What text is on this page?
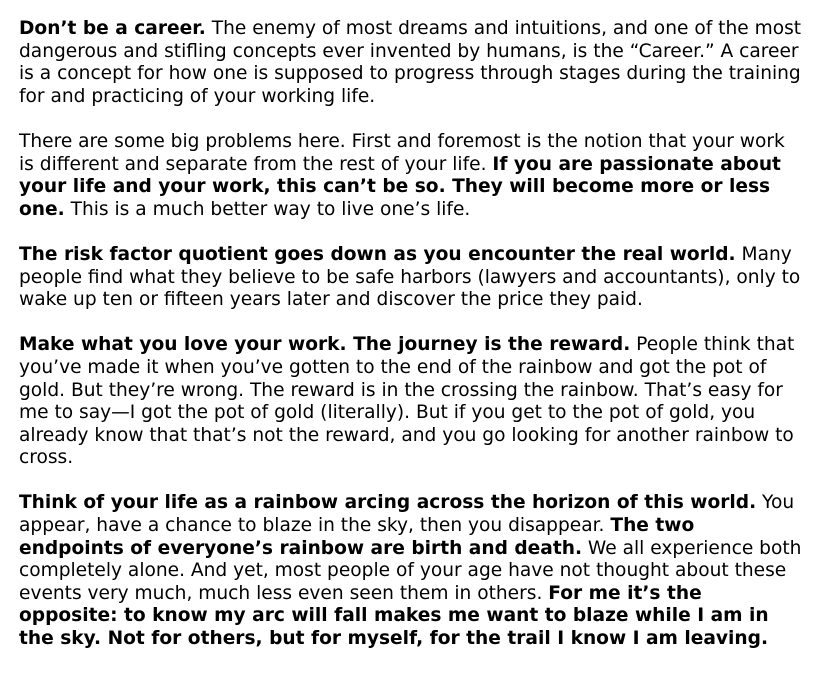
Don’t be a career. The enemy of most dreams and intuitions, and one of the most dangerous and stifling concepts ever invented by humans, is the “Career.” A career is a concept for how one is supposed to progress through stages during the training for and practicing of your working life.

There are some big problems here. First and foremost is the notion that your work is different and separate from the rest of your life. If you are passionate about your life and your work, this can’t be so. They will become more or less one. This is a much better way to live one’s life.

The risk factor quotient goes down as you encounter the real world. Many people find what they believe to be safe harbors (lawyers and accountants), only to wake up ten or fifteen years later and discover the price they paid.

Make what you love your work. The journey is the reward. People think that you’ve made it when you’ve gotten to the end of the rainbow and got the pot of gold. But they’re wrong. The reward is in the crossing the rainbow. That’s easy for me to say—I got the pot of gold (literally). But if you get to the pot of gold, you already know that that’s not the reward, and you go looking for another rainbow to cross.

Think of your life as a rainbow arcing across the horizon of this world. You appear, have a chance to blaze in the sky, then you disappear. The two endpoints of everyone’s rainbow are birth and death. We all experience both completely alone. And yet, most people of your age have not thought about these events very much, much less even seen them in others. For me it’s the opposite: to know my arc will fall makes me want to blaze while I am in the sky. Not for others, but for myself, for the trail I know I am leaving.
